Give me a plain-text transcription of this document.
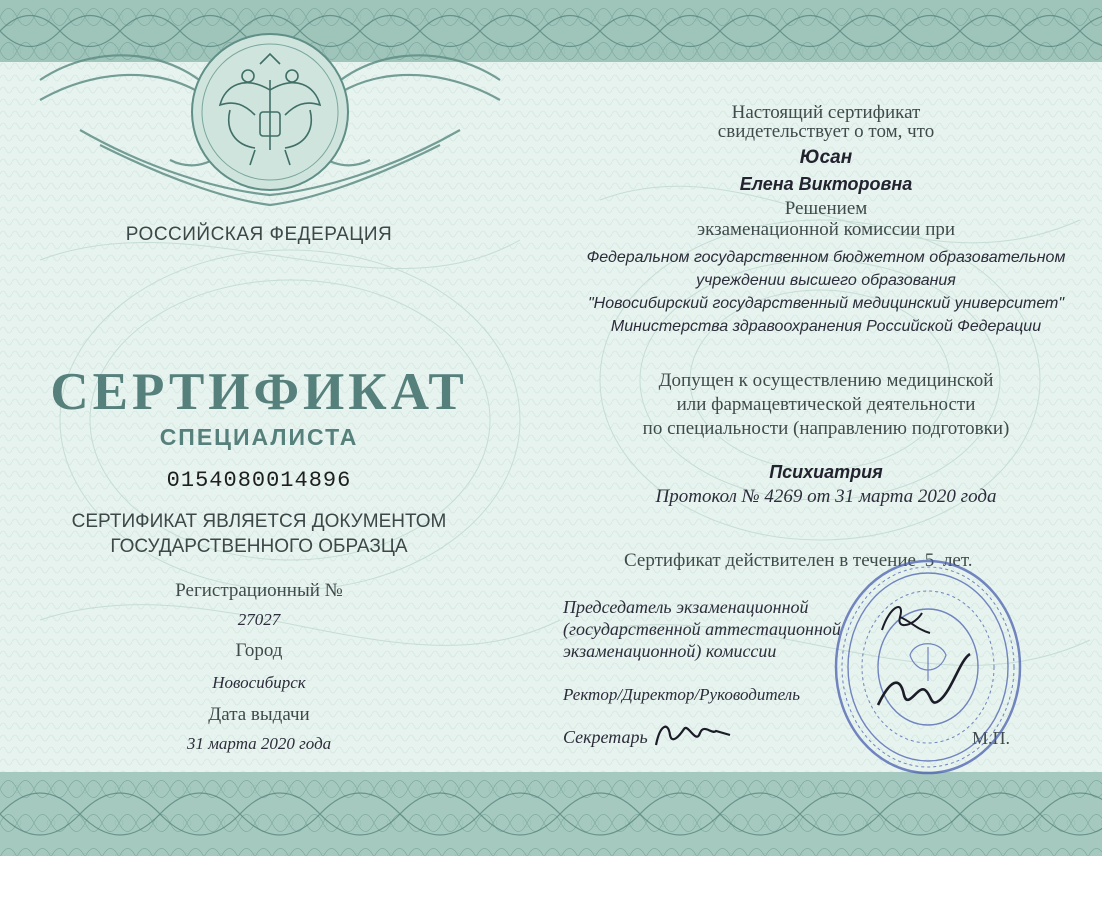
РОССИЙСКАЯ ФЕДЕРАЦИЯ
СЕРТИФИКАТ
СПЕЦИАЛИСТА
0154080014896
СЕРТИФИКАТ ЯВЛЯЕТСЯ ДОКУМЕНТОМ
ГОСУДАРСТВЕННОГО ОБРАЗЦА
Регистрационный №
27027
Город
Новосибирск
Дата выдачи
31 марта 2020 года
Настоящий сертификат
свидетельствует о том, что
Юсан
Елена Викторовна
Решением
экзаменационной комиссии при
Федеральном государственном бюджетном образовательном
учреждении высшего образования
"Новосибирский государственный медицинский университет"
Министерства здравоохранения Российской Федерации
Допущен к осуществлению медицинской
или фармацевтической деятельности
по специальности (направлению подготовки)
Психиатрия
Протокол № 4269 от 31 марта 2020 года
Сертификат действителен в течение 5 лет.
Председатель экзаменационной
(государственной аттестационной
экзаменационной) комиссии
Ректор/Директор/Руководитель
Секретарь	М.П.
